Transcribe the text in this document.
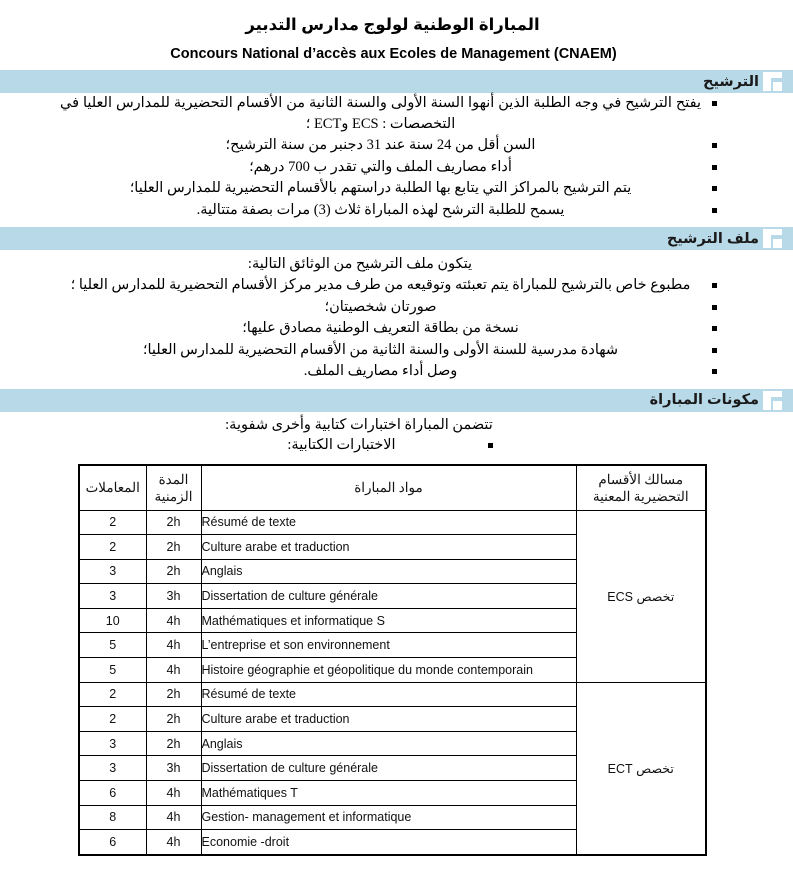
المباراة الوطنية لولوج مدارس التدبير
Concours National d’accès aux Ecoles de Management (CNAEM)
الترشيح
يفتح الترشيح في وجه الطلبة الذين أنهوا السنة الأولى والسنة الثانية من الأقسام التحضيرية للمدارس العليا في التخصصات : ECS وECT ؛
السن أقل من 24 سنة عند 31 دجنبر من سنة الترشيح؛
أداء مصاريف الملف والتي تقدر ب 700 درهم؛
يتم الترشيح بالمراكز التي يتابع بها الطلبة دراستهم بالأقسام التحضيرية للمدارس العليا؛
يسمح للطلبة الترشح لهذه المباراة ثلاث (3) مرات بصفة متتالية.
ملف الترشيح
يتكون ملف الترشيح من الوثائق التالية:
مطبوع خاص بالترشيح للمباراة يتم تعبئته وتوقيعه من طرف مدير مركز الأقسام التحضيرية للمدارس العليا ؛
صورتان شخصيتان؛
نسخة من بطاقة التعريف الوطنية مصادق عليها؛
شهادة مدرسية للسنة الأولى والسنة الثانية من الأقسام التحضيرية للمدارس العليا؛
وصل أداء مصاريف الملف.
مكونات المباراة
تتضمن المباراة اختبارات كتابية وأخرى شفوية:
الاختبارات الكتابية:
المعاملات	المدة الزمنية	مواد المباراة	مسالك الأقسام التحضيرية المعنية
2	2h	Résumé de texte	تخصص ECS
2	2h	Culture arabe et traduction	
3	2h	Anglais	
3	3h	Dissertation de culture générale	
10	4h	Mathématiques et informatique S	
5	4h	L’entreprise et son environnement	
5	4h	Histoire géographie et géopolitique du monde contemporain	
2	2h	Résumé de texte	تخصص ECT
2	2h	Culture arabe et traduction	
3	2h	Anglais	
3	3h	Dissertation de culture générale	
6	4h	Mathématiques T	
8	4h	Gestion- management et informatique	
6	4h	Economie -droit	
